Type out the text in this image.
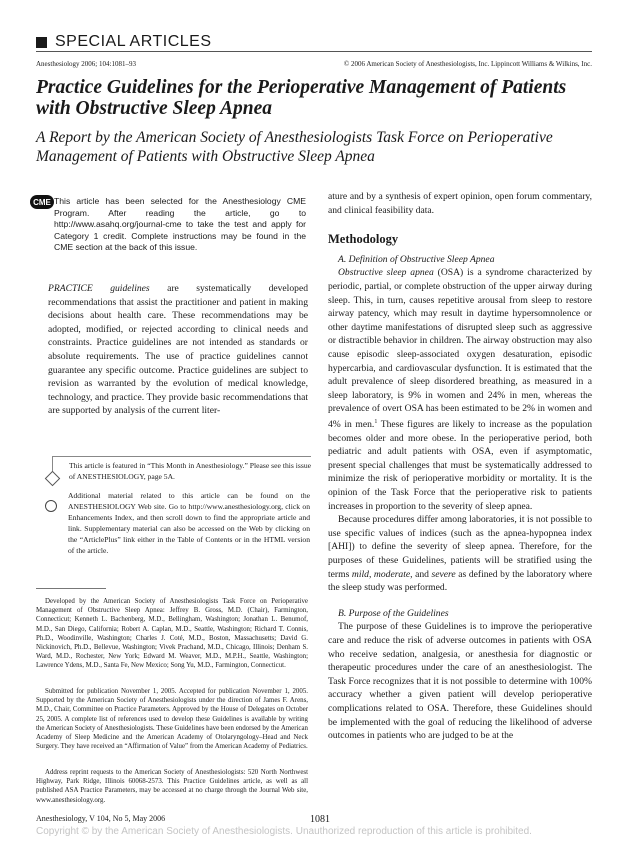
SPECIAL ARTICLES
Anesthesiology 2006; 104:1081–93	© 2006 American Society of Anesthesiologists, Inc. Lippincott Williams & Wilkins, Inc.
Practice Guidelines for the Perioperative Management of Patients with Obstructive Sleep Apnea
A Report by the American Society of Anesthesiologists Task Force on Perioperative Management of Patients with Obstructive Sleep Apnea
CME This article has been selected for the Anesthesiology CME Program. After reading the article, go to http://www.asahq.org/journal-cme to take the test and apply for Category 1 credit. Complete instructions may be found in the CME section at the back of this issue.
PRACTICE guidelines are systematically developed recommendations that assist the practitioner and patient in making decisions about health care. These recommendations may be adopted, modified, or rejected according to clinical needs and constraints. Practice guidelines are not intended as standards or absolute requirements. The use of practice guidelines cannot guarantee any specific outcome. Practice guidelines are subject to revision as warranted by the evolution of medical knowledge, technology, and practice. They provide basic recommendations that are supported by analysis of the current liter-
This article is featured in “This Month in Anesthesiology.” Please see this issue of ANESTHESIOLOGY, page 5A.
Additional material related to this article can be found on the ANESTHESIOLOGY Web site. Go to http://www.anesthesiology.org, click on Enhancements Index, and then scroll down to find the appropriate article and link. Supplementary material can also be accessed on the Web by clicking on the “ArticlePlus” link either in the Table of Contents or in the HTML version of the article.
Developed by the American Society of Anesthesiologists Task Force on Perioperative Management of Obstructive Sleep Apnea: Jeffrey B. Gross, M.D. (Chair), Farmington, Connecticut; Kenneth L. Bachenberg, M.D., Bellingham, Washington; Jonathan L. Benumof, M.D., San Diego, California; Robert A. Caplan, M.D., Seattle, Washington; Richard T. Connis, Ph.D., Woodinville, Washington; Charles J. Coté, M.D., Boston, Massachusetts; David G. Nickinovich, Ph.D., Bellevue, Washington; Vivek Prachand, M.D., Chicago, Illinois; Denham S. Ward, M.D., Rochester, New York; Edward M. Weaver, M.D., M.P.H., Seattle, Washington; Lawrence Ydens, M.D., Santa Fe, New Mexico; Song Yu, M.D., Farmington, Connecticut.
Submitted for publication November 1, 2005. Accepted for publication November 1, 2005. Supported by the American Society of Anesthesiologists under the direction of James F. Arens, M.D., Chair, Committee on Practice Parameters. Approved by the House of Delegates on October 25, 2005. A complete list of references used to develop these Guidelines is available by writing the American Society of Anesthesiologists. These Guidelines have been endorsed by the American Academy of Sleep Medicine and the American Academy of Otolaryngology–Head and Neck Surgery. They have received an “Affirmation of Value” from the American Academy of Pediatrics.
Address reprint requests to the American Society of Anesthesiologists: 520 North Northwest Highway, Park Ridge, Illinois 60068-2573. This Practice Guidelines article, as well as all published ASA Practice Parameters, may be accessed at no charge through the Journal Web site, www.anesthesiology.org.

ature and by a synthesis of expert opinion, open forum commentary, and clinical feasibility data.

Methodology
A. Definition of Obstructive Sleep Apnea

Obstructive sleep apnea (OSA) is a syndrome characterized by periodic, partial, or complete obstruction of the upper airway during sleep. This, in turn, causes repetitive arousal from sleep to restore airway patency, which may result in daytime hypersomnolence or other daytime manifestations of disrupted sleep such as aggressive or distractible behavior in children. The airway obstruction may also cause episodic sleep-associated oxygen desaturation, episodic hypercarbia, and cardiovascular dysfunction. It is estimated that the adult prevalence of sleep disordered breathing, as measured in a sleep laboratory, is 9% in women and 24% in men, whereas the prevalence of overt OSA has been estimated to be 2% in women and 4% in men.$^1$ These figures are likely to increase as the population becomes older and more obese. In the perioperative period, both pediatric and adult patients with OSA, even if asymptomatic, present special challenges that must be systematically addressed to minimize the risk of perioperative morbidity or mortality. It is the opinion of the Task Force that the perioperative risk to patients increases in proportion to the severity of sleep apnea.

Because procedures differ among laboratories, it is not possible to use specific values of indices (such as the apnea-hypopnea index [AHI]) to define the severity of sleep apnea. Therefore, for the purposes of these Guidelines, patients will be stratified using the terms mild, moderate, and severe as defined by the laboratory where the sleep study was performed.

B. Purpose of the Guidelines

The purpose of these Guidelines is to improve the perioperative care and reduce the risk of adverse outcomes in patients with OSA who receive sedation, analgesia, or anesthesia for diagnostic or therapeutic procedures under the care of an anesthesiologist. The Task Force recognizes that it is not possible to determine with 100% accuracy whether a given patient will develop perioperative complications related to OSA. Therefore, these Guidelines should be implemented with the goal of reducing the likelihood of adverse outcomes in patients who are judged to be at the

Anesthesiology, V 104, No 5, May 2006	1081
Copyright © by the American Society of Anesthesiologists. Unauthorized reproduction of this article is prohibited.
